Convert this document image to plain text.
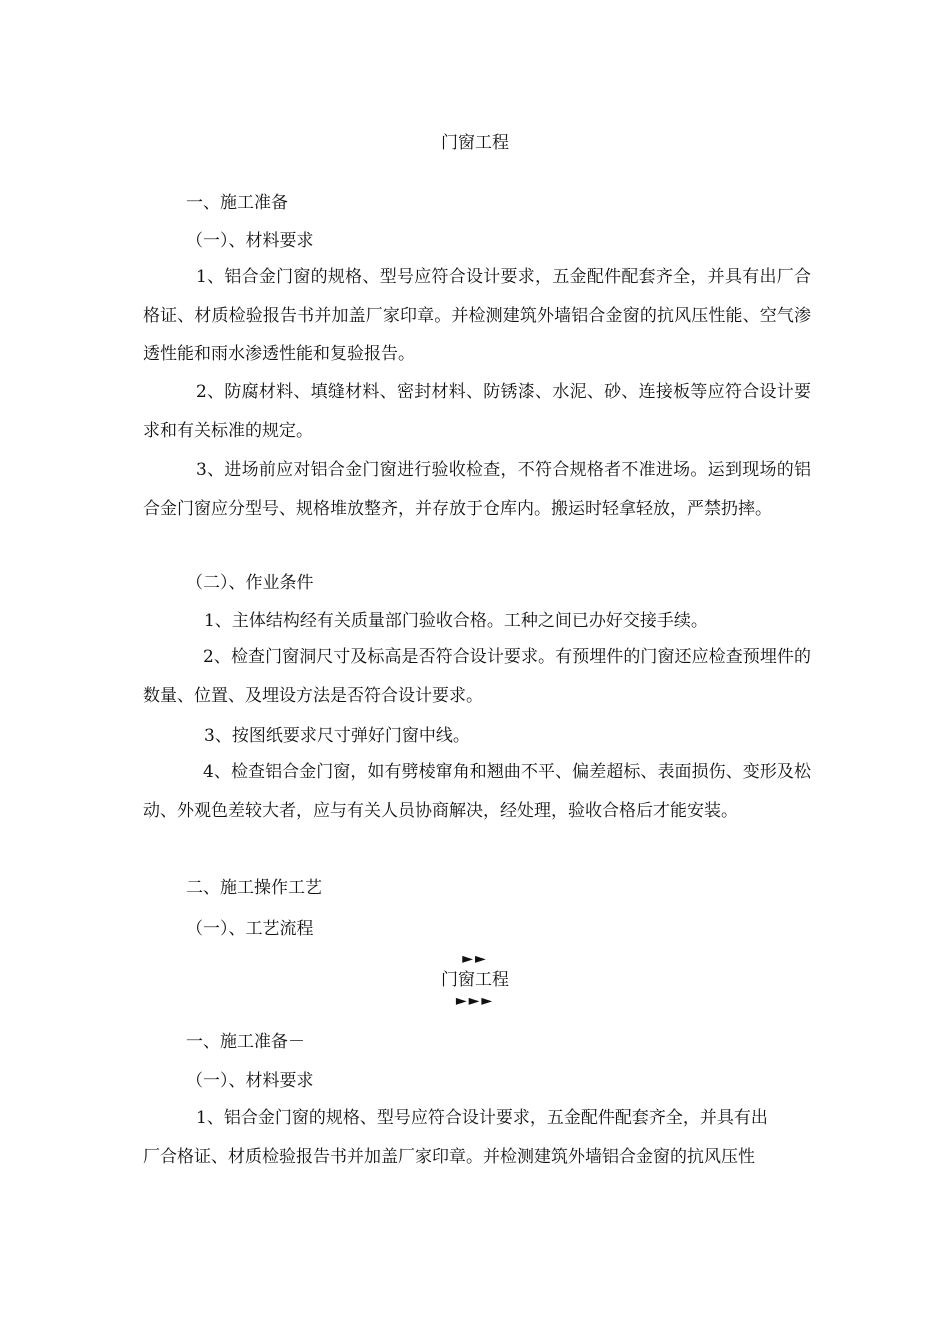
门窗工程
一、施工准备
（一）、材料要求
1、铝合金门窗的规格、型号应符合设计要求，五金配件配套齐全，并具有出厂合格证、材质检验报告书并加盖厂家印章。并检测建筑外墙铝合金窗的抗风压性能、空气渗透性能和雨水渗透性能和复验报告。
2、防腐材料、填缝材料、密封材料、防锈漆、水泥、砂、连接板等应符合设计要求和有关标准的规定。
3、进场前应对铝合金门窗进行验收检查，不符合规格者不准进场。运到现场的铝合金门窗应分型号、规格堆放整齐，并存放于仓库内。搬运时轻拿轻放，严禁扔摔。
（二）、作业条件
1、主体结构经有关质量部门验收合格。工种之间已办好交接手续。
2、检查门窗洞尺寸及标高是否符合设计要求。有预埋件的门窗还应检查预埋件的数量、位置、及埋设方法是否符合设计要求。
3、按图纸要求尺寸弹好门窗中线。
4、检查铝合金门窗，如有劈棱窜角和翘曲不平、偏差超标、表面损伤、变形及松动、外观色差较大者，应与有关人员协商解决，经处理，验收合格后才能安装。
二、施工操作工艺
（一）、工艺流程
►►
门窗工程
►►►
一、施工准备－
（一）、材料要求
1、铝合金门窗的规格、型号应符合设计要求，五金配件配套齐全，并具有出
厂合格证、材质检验报告书并加盖厂家印章。并检测建筑外墙铝合金窗的抗风压性
